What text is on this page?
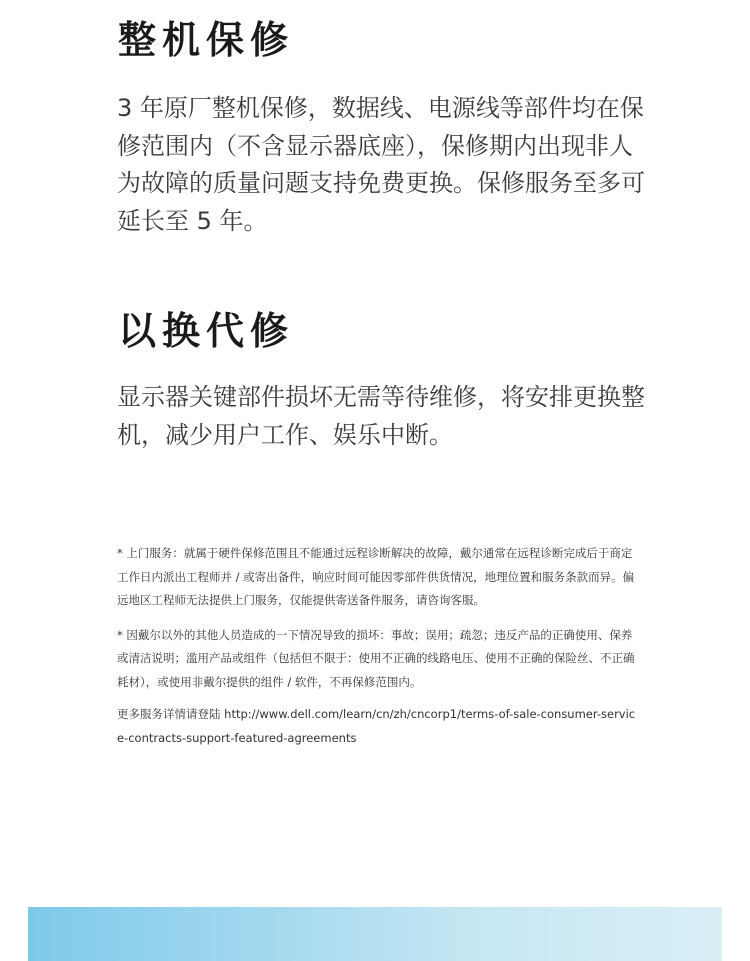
整机保修

3 年原厂整机保修，数据线、电源线等部件均在保修范围内（不含显示器底座），保修期内出现非人为故障的质量问题支持免费更换。保修服务至多可延长至 5 年。

以换代修

显示器关键部件损坏无需等待维修，将安排更换整机，减少用户工作、娱乐中断。

* 上门服务：就属于硬件保修范围且不能通过远程诊断解决的故障，戴尔通常在远程诊断完成后于商定工作日内派出工程师并 / 或寄出备件，响应时间可能因零部件供货情况，地理位置和服务条款而异。偏远地区工程师无法提供上门服务，仅能提供寄送备件服务，请咨询客服。

* 因戴尔以外的其他人员造成的一下情况导致的损坏：事故；误用；疏忽；违反产品的正确使用、保养或清洁说明；滥用产品或组件（包括但不限于：使用不正确的线路电压、使用不正确的保险丝、不正确耗材），或使用非戴尔提供的组件 / 软件，不再保修范围内。

更多服务详情请登陆 http://www.dell.com/learn/cn/zh/cncorp1/terms-of-sale-consumer-service-contracts-support-featured-agreements
